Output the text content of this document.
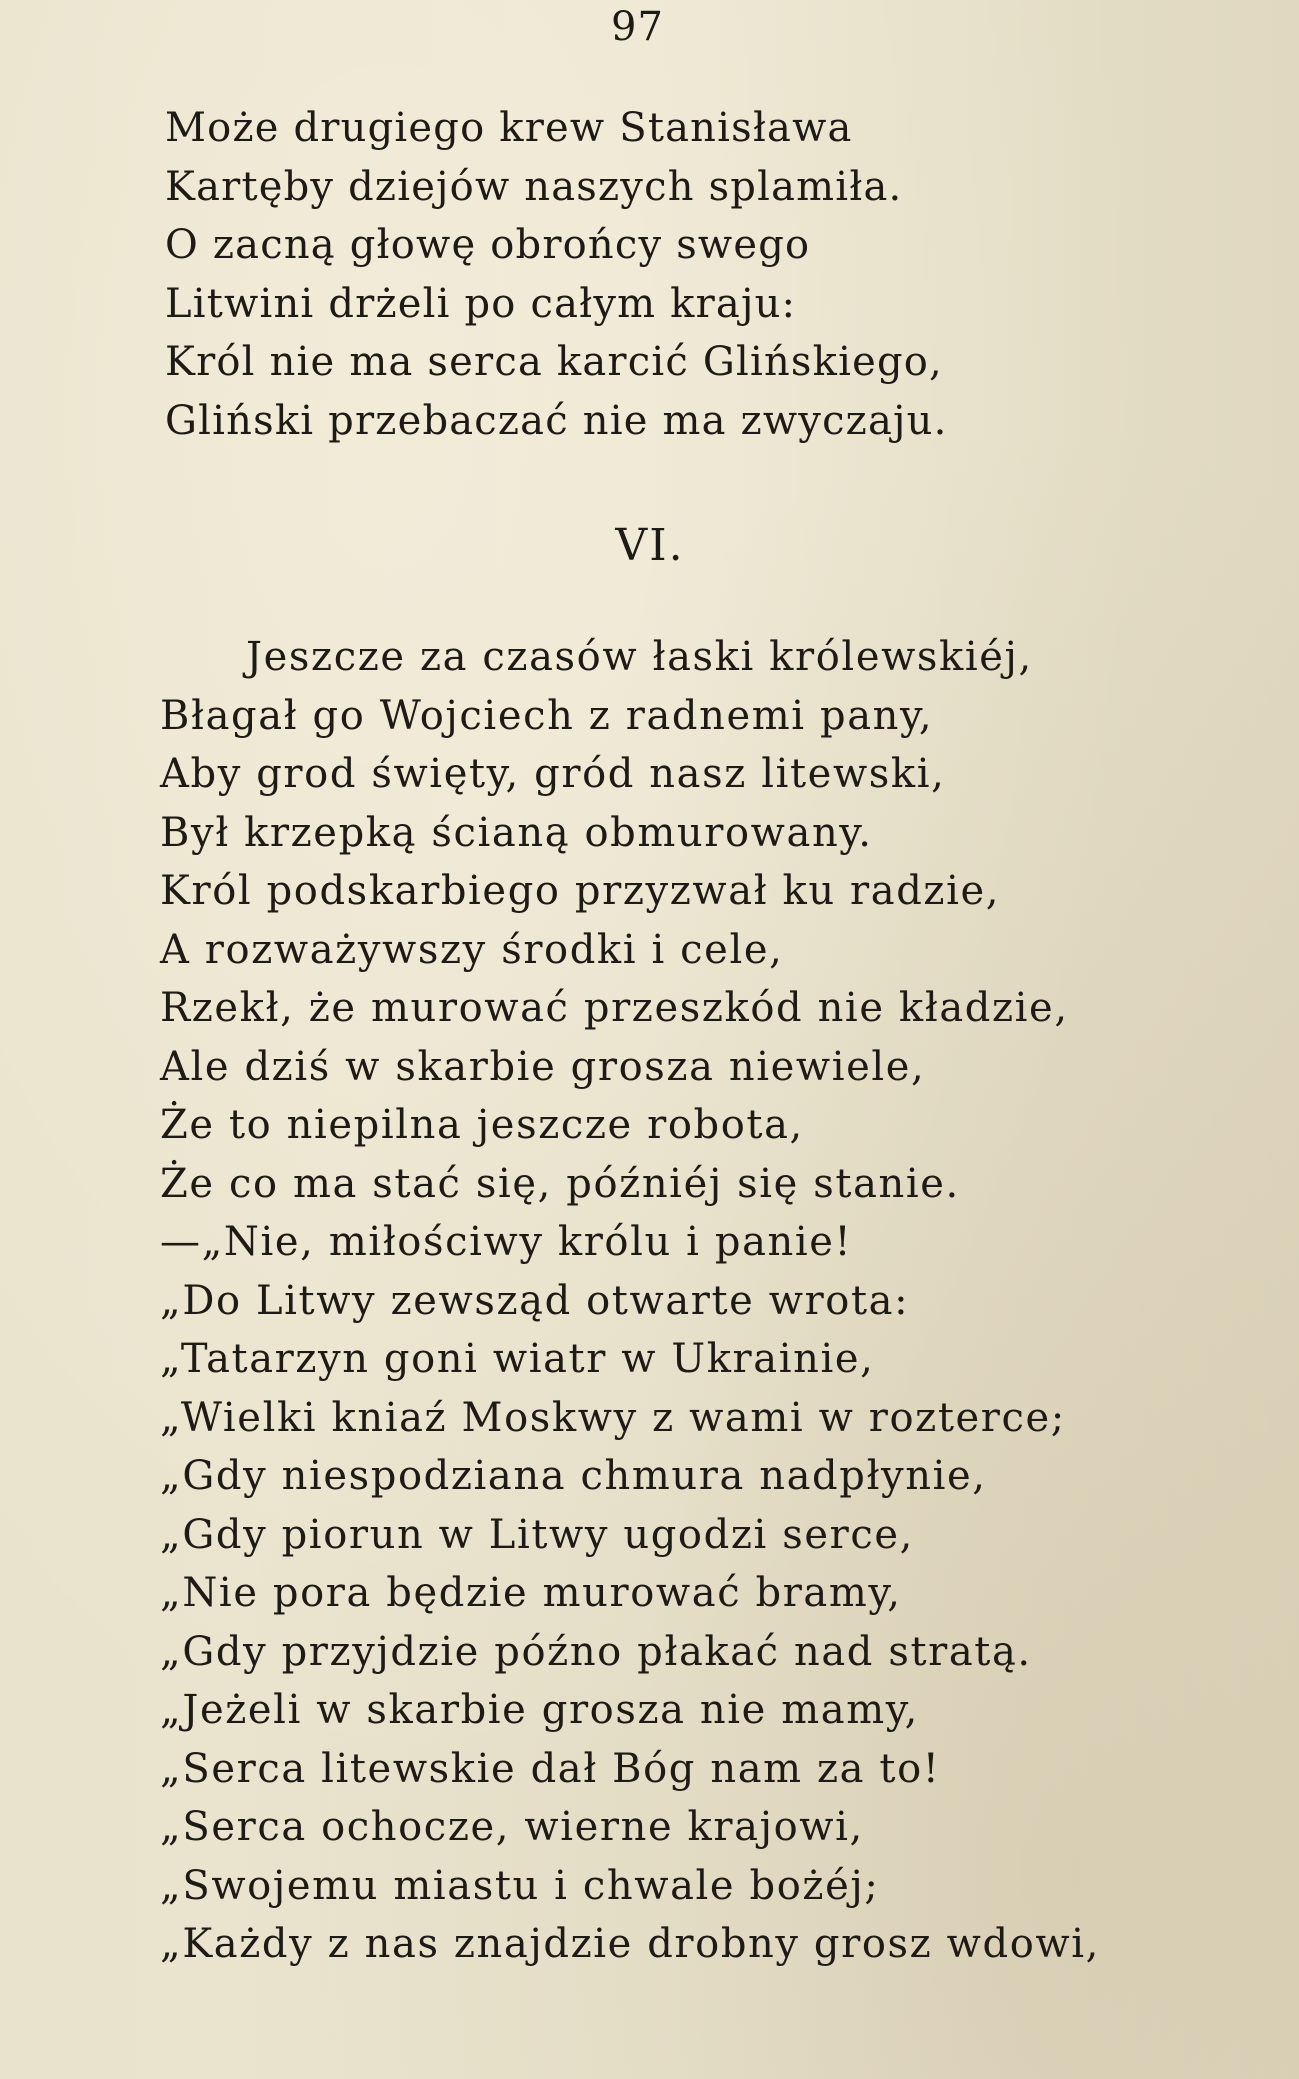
97
Może drugiego krew Stanisława
Kartęby dziejów naszych splamiła.
O zacną głowę obrońcy swego
Litwini drżeli po całym kraju:
Król nie ma serca karcić Glińskiego,
Gliński przebaczać nie ma zwyczaju.
VI.
Jeszcze za czasów łaski królewskiéj,
Błagał go Wojciech z radnemi pany,
Aby grod święty, gród nasz litewski,
Był krzepką ścianą obmurowany.
Król podskarbiego przyzwał ku radzie,
A rozważywszy środki i cele,
Rzekł, że murować przeszkód nie kładzie,
Ale dziś w skarbie grosza niewiele,
Że to niepilna jeszcze robota,
Że co ma stać się, późniéj się stanie.
—„Nie, miłościwy królu i panie!
„Do Litwy zewsząd otwarte wrota:
„Tatarzyn goni wiatr w Ukrainie,
„Wielki kniaź Moskwy z wami w rozterce;
„Gdy niespodziana chmura nadpłynie,
„Gdy piorun w Litwy ugodzi serce,
„Nie pora będzie murować bramy,
„Gdy przyjdzie późno płakać nad stratą.
„Jeżeli w skarbie grosza nie mamy,
„Serca litewskie dał Bóg nam za to!
„Serca ochocze, wierne krajowi,
„Swojemu miastu i chwale bożéj;
„Każdy z nas znajdzie drobny grosz wdowi,
